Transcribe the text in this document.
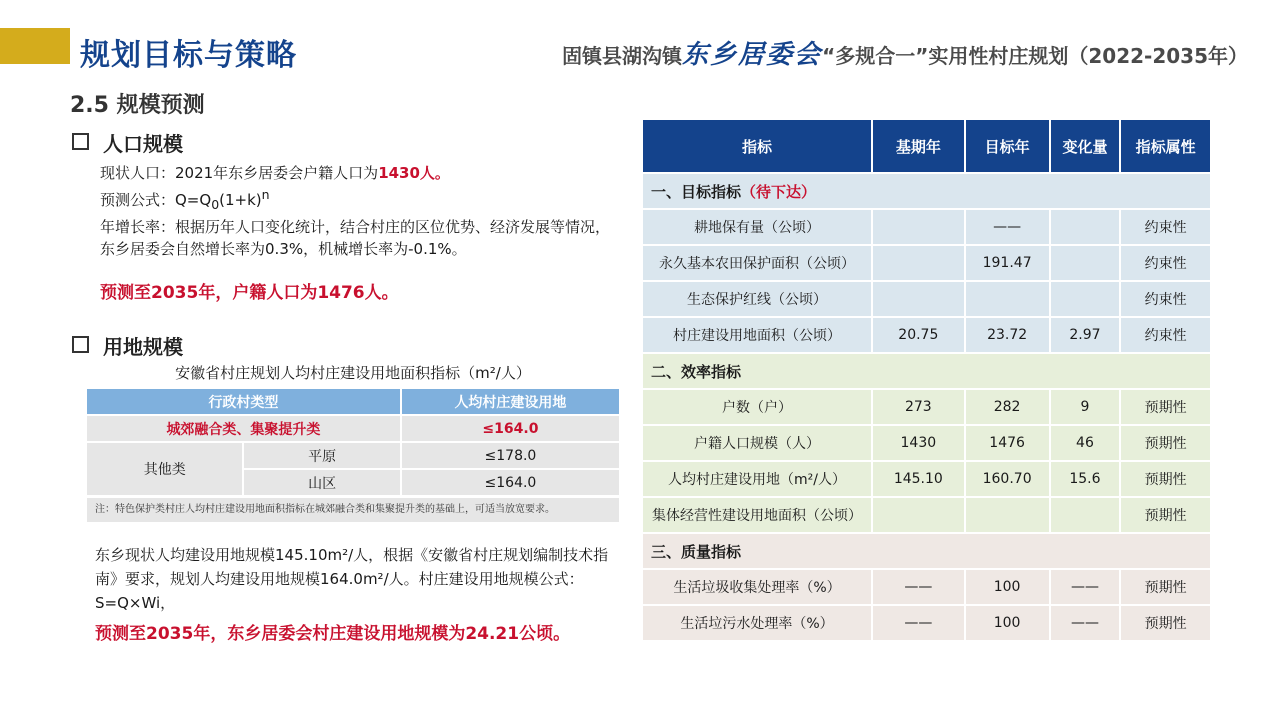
规划目标与策略	固镇县湖沟镇东乡居委会“多规合一”实用性村庄规划（2022-2035年）
2.5 规模预测
人口规模
现状人口：2021年东乡居委会户籍人口为1430人。
预测公式：$Q=Q_0(1+k)^n$
年增长率：根据历年人口变化统计，结合村庄的区位优势、经济发展等情况，东乡居委会自然增长率为0.3%，机械增长率为-0.1%。
预测至2035年，户籍人口为1476人。
用地规模
安徽省村庄规划人均村庄建设用地面积指标（m²/人）
行政村类型		人均村庄建设用地
城郊融合类、集聚提升类		≤164.0
其他类	平原	≤178.0
	山区	≤164.0
注：特色保护类村庄人均村庄建设用地面积指标在城郊融合类和集聚提升类的基础上，可适当放宽要求。
东乡现状人均建设用地规模145.10m²/人，根据《安徽省村庄规划编制技术指南》要求，规划人均建设用地规模164.0m²/人。村庄建设用地规模公式：S=Q×Wi，
预测至2035年，东乡居委会村庄建设用地规模为24.21公顷。
指标	基期年	目标年	变化量	指标属性
一、目标指标（待下达）				
耕地保有量（公顷）		——		约束性
永久基本农田保护面积（公顷）		191.47		约束性
生态保护红线（公顷）				约束性
村庄建设用地面积（公顷）	20.75	23.72	2.97	约束性
二、效率指标				
户数（户）	273	282	9	预期性
户籍人口规模（人）	1430	1476	46	预期性
人均村庄建设用地（m²/人）	145.10	160.70	15.6	预期性
集体经营性建设用地面积（公顷）				预期性
三、质量指标				
生活垃圾收集处理率（%）	——	100	——	预期性
生活垃污水处理率（%）	——	100	——	预期性
